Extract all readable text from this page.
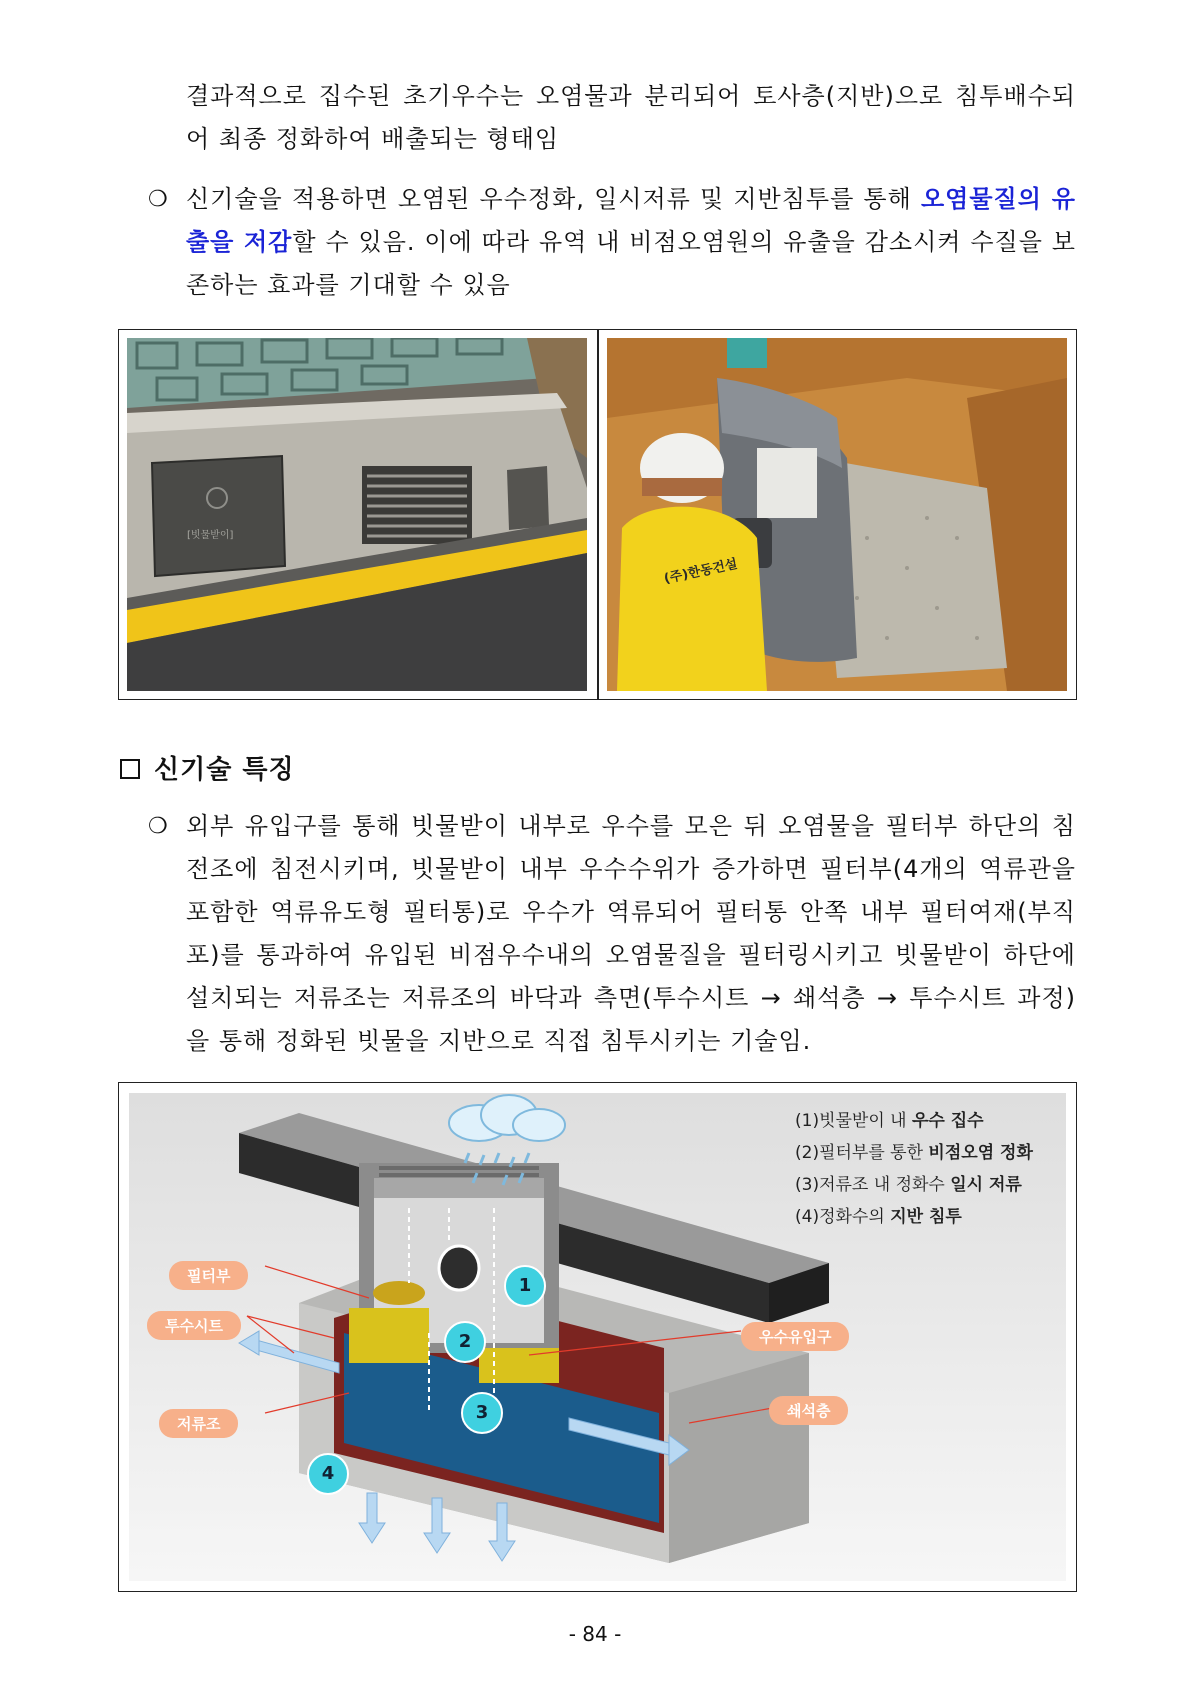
결과적으로 집수된 초기우수는 오염물과 분리되어 토사층(지반)으로 침투배수되어 최종 정화하여 배출되는 형태임
❍ 신기술을 적용하면 오염된 우수정화, 일시저류 및 지반침투를 통해 오염물질의 유출을 저감할 수 있음. 이에 따라 유역 내 비점오염원의 유출을 감소시켜 수질을 보존하는 효과를 기대할 수 있음
[빗물받이]
(주)한동건설
신기술 특징
❍ 외부 유입구를 통해 빗물받이 내부로 우수를 모은 뒤 오염물을 필터부 하단의 침전조에 침전시키며, 빗물받이 내부 우수수위가 증가하면 필터부(4개의 역류관을 포함한 역류유도형 필터통)로 우수가 역류되어 필터통 안쪽 내부 필터여재(부직포)를 통과하여 유입된 비점우수내의 오염물질을 필터링시키고 빗물받이 하단에 설치되는 저류조는 저류조의 바닥과 측면(투수시트 → 쇄석층 → 투수시트 과정)을 통해 정화된 빗물을 지반으로 직접 침투시키는 기술임.
필터부
투수시트
저류조
우수유입구
쇄석층
1
2
3
4
(1)빗물받이 내 우수 집수
(2)필터부를 통한 비점오염 정화
(3)저류조 내 정화수 일시 저류
(4)정화수의 지반 침투
- 84 -
